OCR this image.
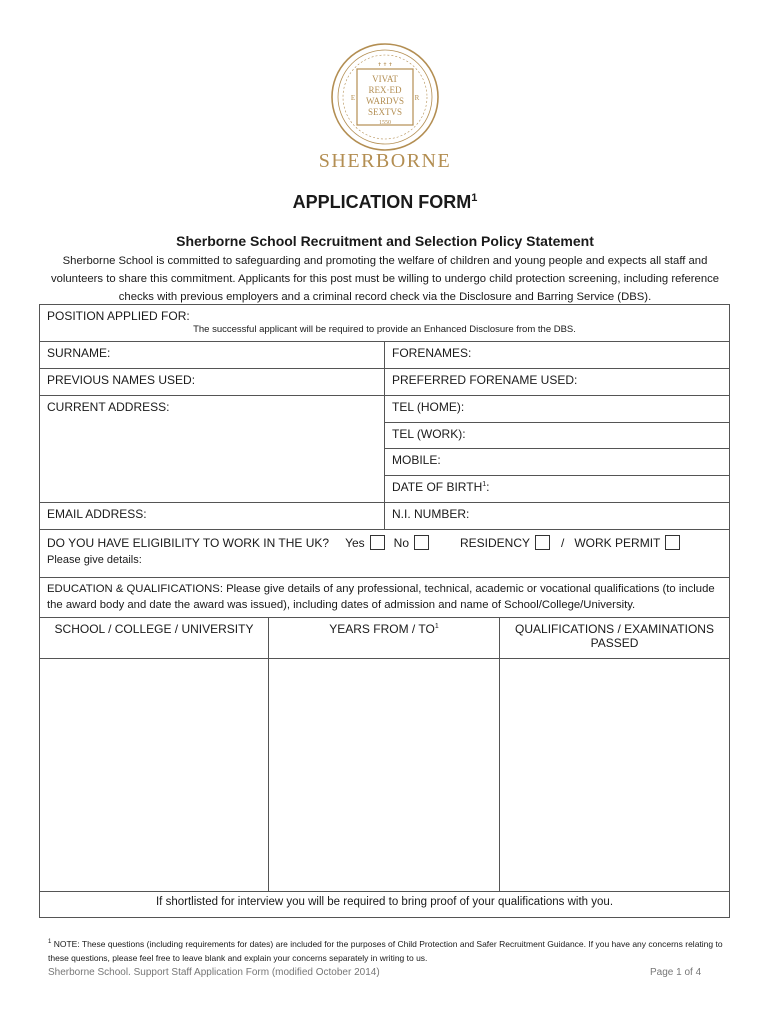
✝ ✝ ✝
VIVAT
REX·ED
WARDVS
SEXTVS
1550
E	R
SHERBORNE
APPLICATION FORM$^1$
Sherborne School Recruitment and Selection Policy Statement
Sherborne School is committed to safeguarding and promoting the welfare of children and young people and expects all staff and volunteers to share this commitment. Applicants for this post must be willing to undergo child protection screening, including reference checks with previous employers and a criminal record check via the Disclosure and Barring Service (DBS).
POSITION APPLIED FOR:
The successful applicant will be required to provide an Enhanced Disclosure from the DBS.
SURNAME:	FORENAMES:
PREVIOUS NAMES USED:	PREFERRED FORENAME USED:
CURRENT ADDRESS:	TEL (HOME):
TEL (WORK):
MOBILE:
DATE OF BIRTH$^1$:
EMAIL ADDRESS:	N.I. NUMBER:
DO YOU HAVE ELIGIBILITY TO WORK IN THE UK? Yes No	RESIDENCY	/ WORK PERMIT
Please give details:
EDUCATION & QUALIFICATIONS: Please give details of any professional, technical, academic or vocational qualifications (to include the award body and date the award was issued), including dates of admission and name of School/College/University.
SCHOOL / COLLEGE / UNIVERSITY	YEARS FROM / $TO^1$	QUALIFICATIONS / EXAMINATIONS PASSED
If shortlisted for interview you will be required to bring proof of your qualifications with you.
$^1$ NOTE: These questions (including requirements for dates) are included for the purposes of Child Protection and Safer Recruitment Guidance. If you have any concerns relating to these questions, please feel free to leave blank and explain your concerns separately in writing to us.
Sherborne School. Support Staff Application Form (modified October 2014)	Page 1 of 4
